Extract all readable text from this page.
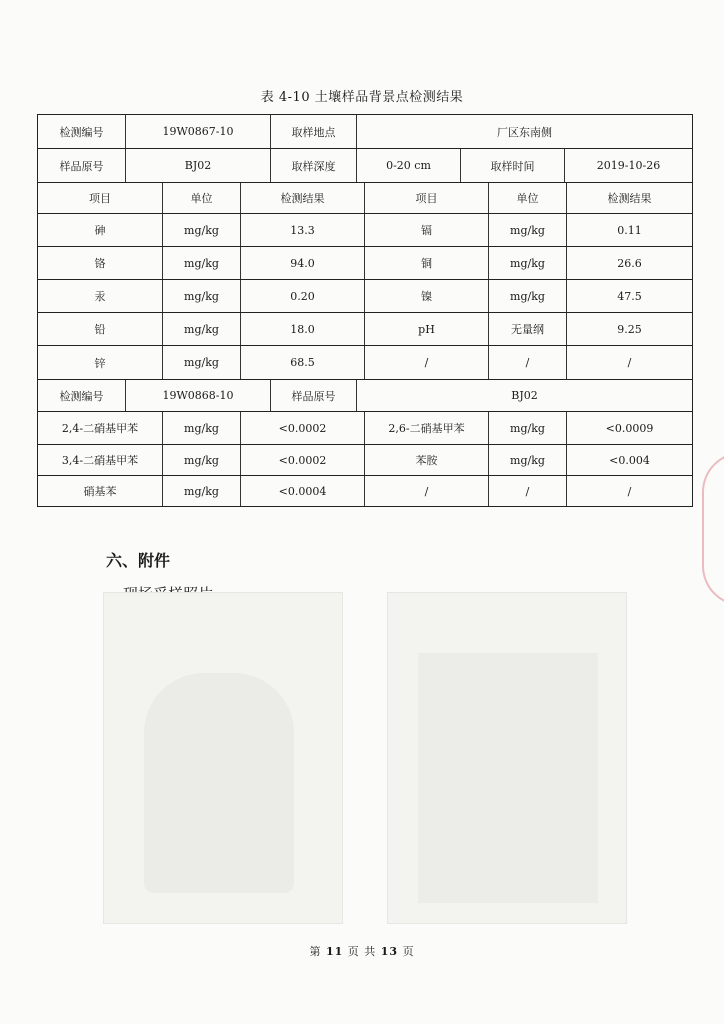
表 4-10 土壤样品背景点检测结果
检测编号	19W0867-10	取样地点	厂区东南侧
样品原号	BJ02	取样深度	0-20 cm	取样时间	2019-10-26
项目	单位	检测结果	项目	单位	检测结果
砷	mg/kg	13.3	镉	mg/kg	0.11
铬	mg/kg	94.0	铜	mg/kg	26.6
汞	mg/kg	0.20	镍	mg/kg	47.5
铅	mg/kg	18.0	pH	无量纲	9.25
锌	mg/kg	68.5	/	/	/
检测编号	19W0868-10	样品原号	BJ02
2,4-二硝基甲苯	mg/kg	<0.0002	2,6-二硝基甲苯	mg/kg	<0.0009
3,4-二硝基甲苯	mg/kg	<0.0002	苯胺	mg/kg	<0.004
硝基苯	mg/kg	<0.0004	/	/	/
六、附件
第 11 页 共 13 页
